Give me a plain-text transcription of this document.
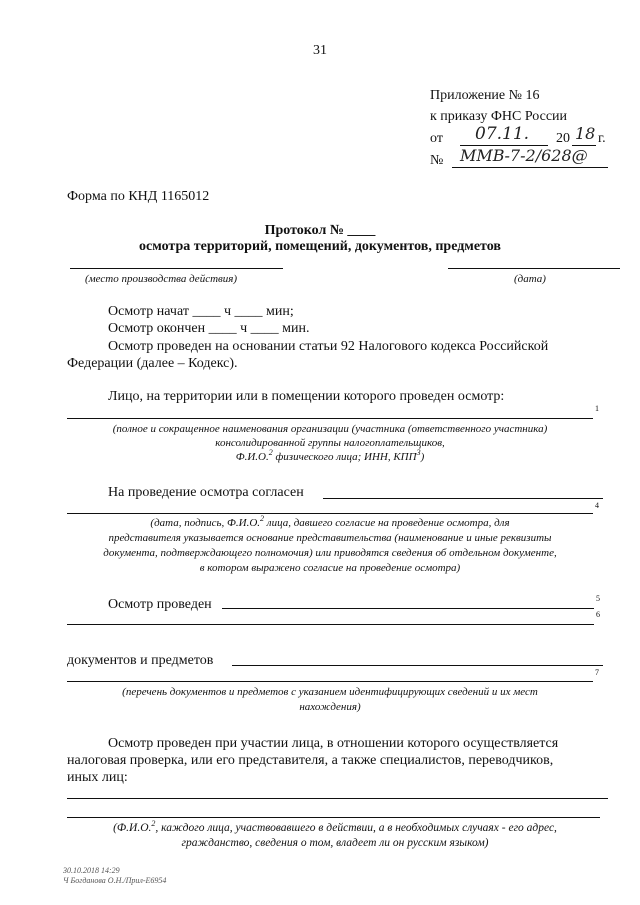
31
Приложение № 16
к приказу ФНС России
от 07.11. 20 18 г.
№ ММВ-7-2/628@
Форма по КНД 1165012
Протокол № ____
осмотра территорий, помещений, документов, предметов
(место производства действия)	(дата)
Осмотр начат ____ ч ____ мин;
Осмотр окончен ____ ч ____ мин.
Осмотр проведен на основании статьи 92 Налогового кодекса Российской
Федерации (далее – Кодекс).
Лицо, на территории или в помещении которого проведен осмотр:
1
(полное и сокращенное наименования организации (участника (ответственного участника)
консолидированной группы налогоплательщиков,
Ф.И.О.$^2$ физического лица; ИНН, КПП$^3$)
На проведение осмотра согласен
4
(дата, подпись, Ф.И.О.$^2$ лица, давшего согласие на проведение осмотра, для
представителя указывается основание представительства (наименование и иные реквизиты
документа, подтверждающего полномочия) или приводятся сведения об отдельном документе,
в котором выражено согласие на проведение осмотра)
Осмотр проведен	5
6
документов и предметов
7
(перечень документов и предметов с указанием идентифицирующих сведений и их мест
нахождения)
Осмотр проведен при участии лица, в отношении которого осуществляется
налоговая проверка, или его представителя, а также специалистов, переводчиков,
иных лиц:
(Ф.И.О.$^2$, каждого лица, участвовавшего в действии, а в необходимых случаях - его адрес,
гражданство, сведения о том, владеет ли он русским языком)
30.10.2018 14:29
Ч Богданова О.Н./Прил-E6954
